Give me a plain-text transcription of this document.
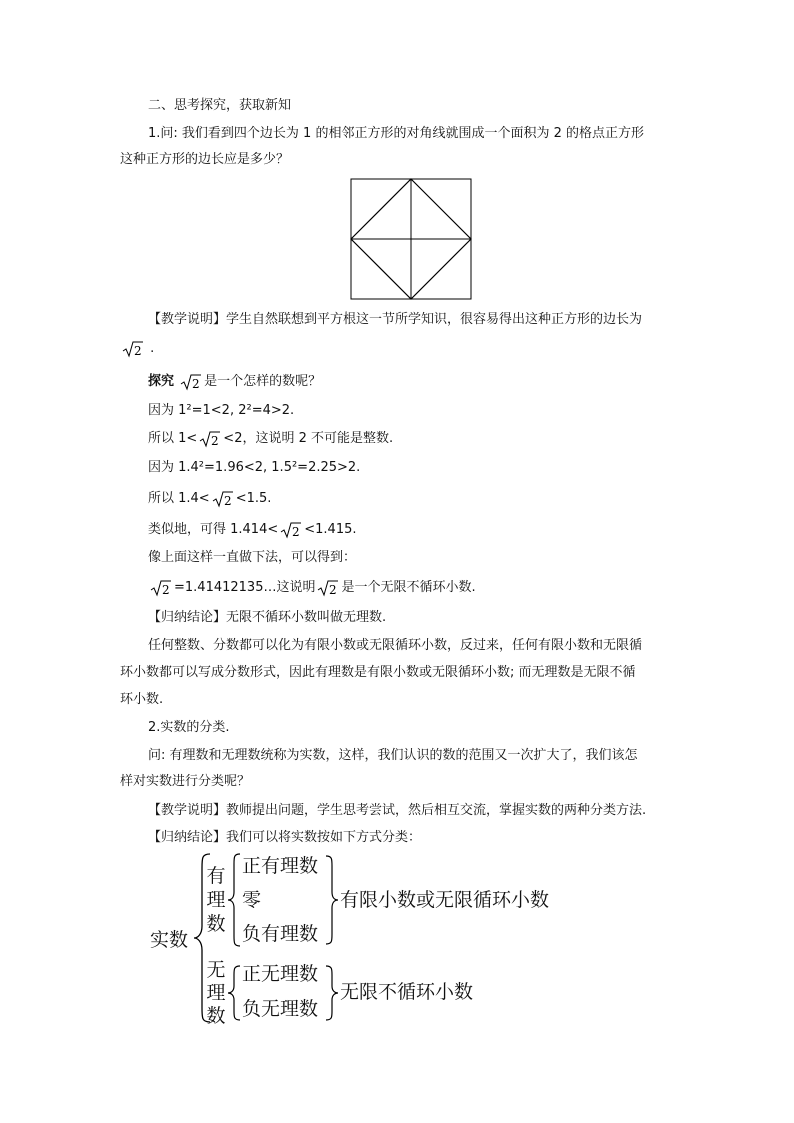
二、思考探究，获取新知
1.问: 我们看到四个边长为 1 的相邻正方形的对角线就围成一个面积为 2 的格点正方形
这种正方形的边长应是多少？
【教学说明】学生自然联想到平方根这一节所学知识，很容易得出这种正方形的边长为
2 .
探究 2 是一个怎样的数呢？
因为 1²=1<2, 2²=4>2.
所以 1< 2 <2，这说明 2 不可能是整数.
因为 1.4²=1.96<2, 1.5²=2.25>2.
所以 1.4< 2 <1.5.
类似地，可得 1.414< 2 <1.415.
像上面这样一直做下法，可以得到：
2 =1.41412135…这说明 2 是一个无限不循环小数.
【归纳结论】无限不循环小数叫做无理数.
任何整数、分数都可以化为有限小数或无限循环小数，反过来，任何有限小数和无限循
环小数都可以写成分数形式，因此有理数是有限小数或无限循环小数; 而无理数是无限不循
环小数.
2.实数的分类.
问: 有理数和无理数统称为实数，这样，我们认识的数的范围又一次扩大了，我们该怎
样对实数进行分类呢？
【教学说明】教师提出问题，学生思考尝试，然后相互交流，掌握实数的两种分类方法.
【归纳结论】我们可以将实数按如下方式分类：
实数
有
理
数
正有理数
零
负有理数
有限小数或无限循环小数
无
理
数
正无理数
负无理数
无限不循环小数
